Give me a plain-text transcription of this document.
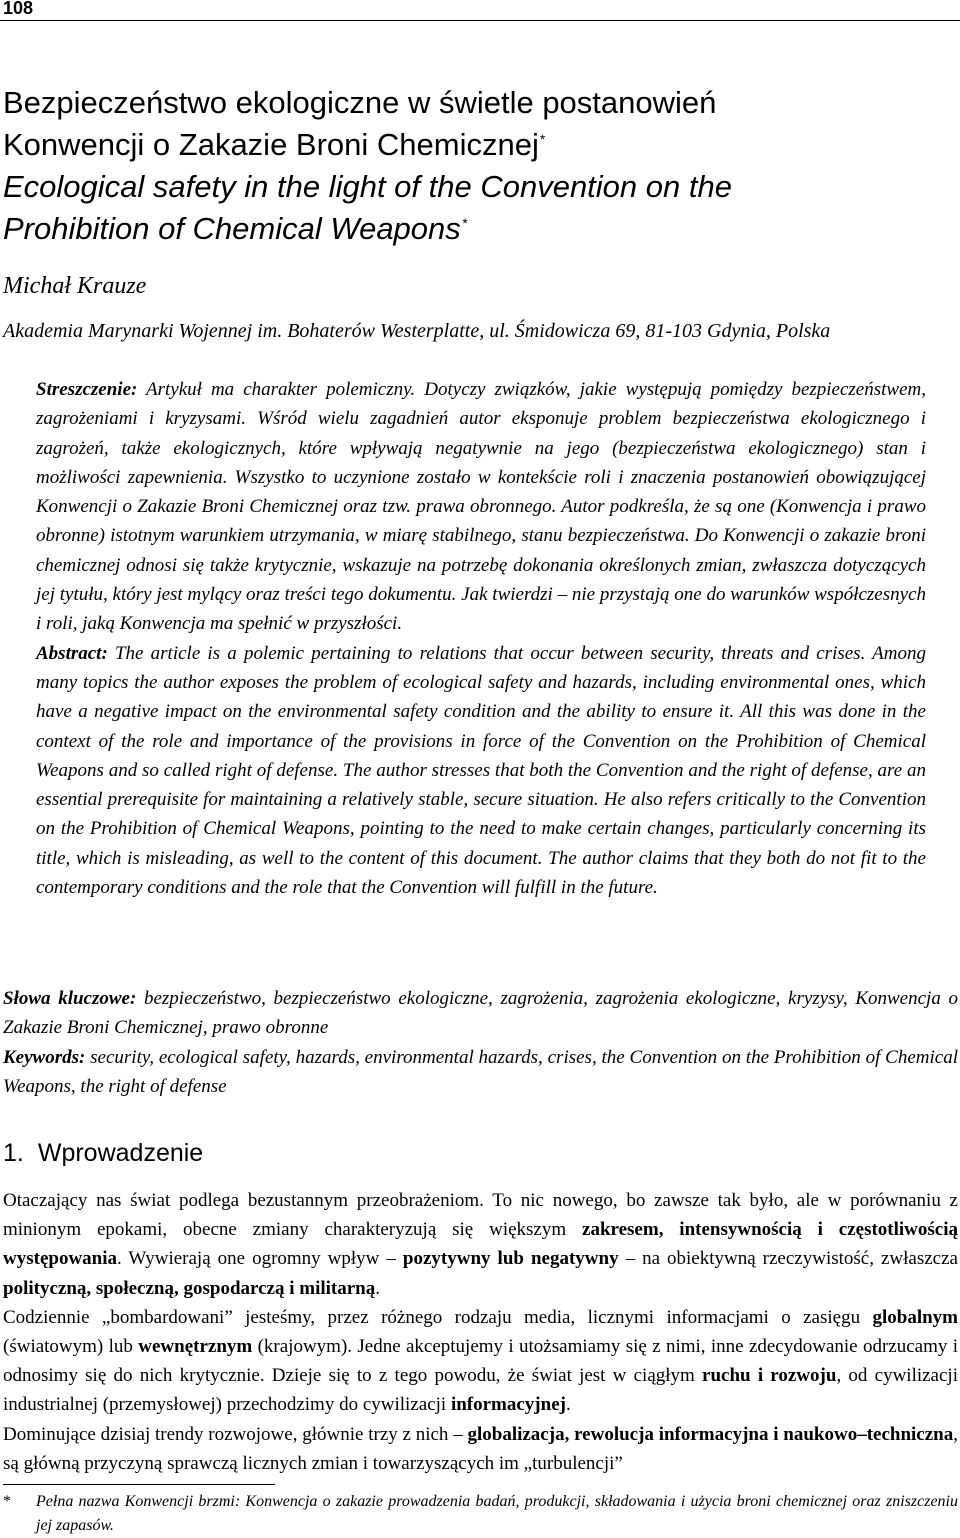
108
Bezpieczeństwo ekologiczne w świetle postanowień
Konwencji o Zakazie Broni Chemicznej*
Ecological safety in the light of the Convention on the
Prohibition of Chemical Weapons*
Michał Krauze
Akademia Marynarki Wojennej im. Bohaterów Westerplatte, ul. Śmidowicza 69, 81-103 Gdynia, Polska

Streszczenie: Artykuł ma charakter polemiczny. Dotyczy związków, jakie występują pomiędzy bezpieczeństwem, zagrożeniami i kryzysami. Wśród wielu zagadnień autor eksponuje problem bezpieczeństwa ekologicznego i zagrożeń, także ekologicznych, które wpływają negatywnie na jego (bezpieczeństwa ekologicznego) stan i możliwości zapewnienia. Wszystko to uczynione zostało w kontekście roli i znaczenia postanowień obowiązującej Konwencji o Zakazie Broni Chemicznej oraz tzw. prawa obronnego. Autor podkreśla, że są one (Konwencja i prawo obronne) istotnym warunkiem utrzymania, w miarę stabilnego, stanu bezpieczeństwa. Do Konwencji o zakazie broni chemicznej odnosi się także krytycznie, wskazuje na potrzebę dokonania określonych zmian, zwłaszcza dotyczących jej tytułu, który jest mylący oraz treści tego dokumentu. Jak twierdzi – nie przystają one do warunków współczesnych i roli, jaką Konwencja ma spełnić w przyszłości.

Abstract: The article is a polemic pertaining to relations that occur between security, threats and crises. Among many topics the author exposes the problem of ecological safety and hazards, including environmental ones, which have a negative impact on the environmental safety condition and the ability to ensure it. All this was done in the context of the role and importance of the provisions in force of the Convention on the Prohibition of Chemical Weapons and so called right of defense. The author stresses that both the Convention and the right of defense, are an essential prerequisite for maintaining a relatively stable, secure situation. He also refers critically to the Convention on the Prohibition of Chemical Weapons, pointing to the need to make certain changes, particularly concerning its title, which is misleading, as well to the content of this document. The author claims that they both do not fit to the contemporary conditions and the role that the Convention will fulfill in the future.

Słowa kluczowe: bezpieczeństwo, bezpieczeństwo ekologiczne, zagrożenia, zagrożenia ekologiczne, kryzysy, Konwencja o Zakazie Broni Chemicznej, prawo obronne

Keywords: security, ecological safety, hazards, environmental hazards, crises, the Convention on the Prohibition of Chemical Weapons, the right of defense

1. Wprowadzenie

Otaczający nas świat podlega bezustannym przeobrażeniom. To nic nowego, bo zawsze tak było, ale w porównaniu z minionym epokami, obecne zmiany charakteryzują się większym zakresem, intensywnością i częstotliwością występowania. Wywierają one ogromny wpływ – pozytywny lub negatywny – na obiektywną rzeczywistość, zwłaszcza polityczną, społeczną, gospodarczą i militarną.

Codziennie „bombardowani” jesteśmy, przez różnego rodzaju media, licznymi informacjami o zasięgu globalnym (światowym) lub wewnętrznym (krajowym). Jedne akceptujemy i utożsamiamy się z nimi, inne zdecydowanie odrzucamy i odnosimy się do nich krytycznie. Dzieje się to z tego powodu, że świat jest w ciągłym ruchu i rozwoju, od cywilizacji industrialnej (przemysłowej) przechodzimy do cywilizacji informacyjnej.

Dominujące dzisiaj trendy rozwojowe, głównie trzy z nich – globalizacja, rewolucja informacyjna i naukowo–techniczna, są główną przyczyną sprawczą licznych zmian i towarzyszących im „turbulencji”

* Pełna nazwa Konwencji brzmi: Konwencja o zakazie prowadzenia badań, produkcji, składowania i użycia broni chemicznej oraz zniszczeniu jej zapasów.
